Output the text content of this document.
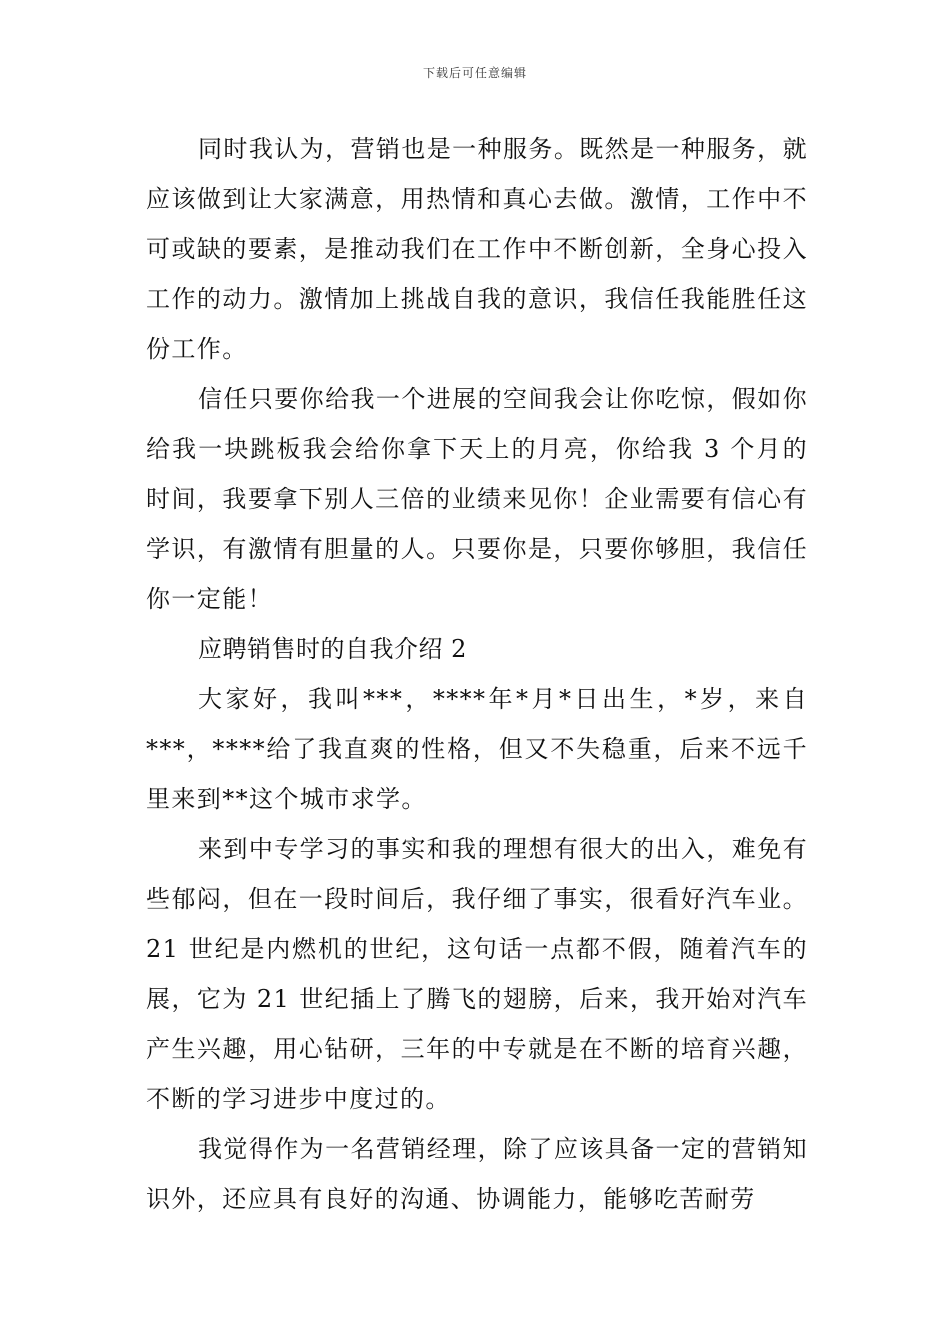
下载后可任意编辑

同时我认为，营销也是一种服务。既然是一种服务，就应该做到让大家满意，用热情和真心去做。激情，工作中不可或缺的要素，是推动我们在工作中不断创新，全身心投入工作的动力。激情加上挑战自我的意识，我信任我能胜任这份工作。

信任只要你给我一个进展的空间我会让你吃惊，假如你给我一块跳板我会给你拿下天上的月亮，你给我 3 个月的时间，我要拿下别人三倍的业绩来见你！企业需要有信心有学识，有激情有胆量的人。只要你是，只要你够胆，我信任你一定能！

应聘销售时的自我介绍 2

大家好，我叫***，****年*月*日出生，*岁，来自***，****给了我直爽的性格，但又不失稳重，后来不远千里来到**这个城市求学。

来到中专学习的事实和我的理想有很大的出入，难免有些郁闷，但在一段时间后，我仔细了事实，很看好汽车业。21 世纪是内燃机的世纪，这句话一点都不假，随着汽车的展，它为 21 世纪插上了腾飞的翅膀，后来，我开始对汽车产生兴趣，用心钻研，三年的中专就是在不断的培育兴趣，不断的学习进步中度过的。

我觉得作为一名营销经理，除了应该具备一定的营销知识外，还应具有良好的沟通、协调能力，能够吃苦耐劳
